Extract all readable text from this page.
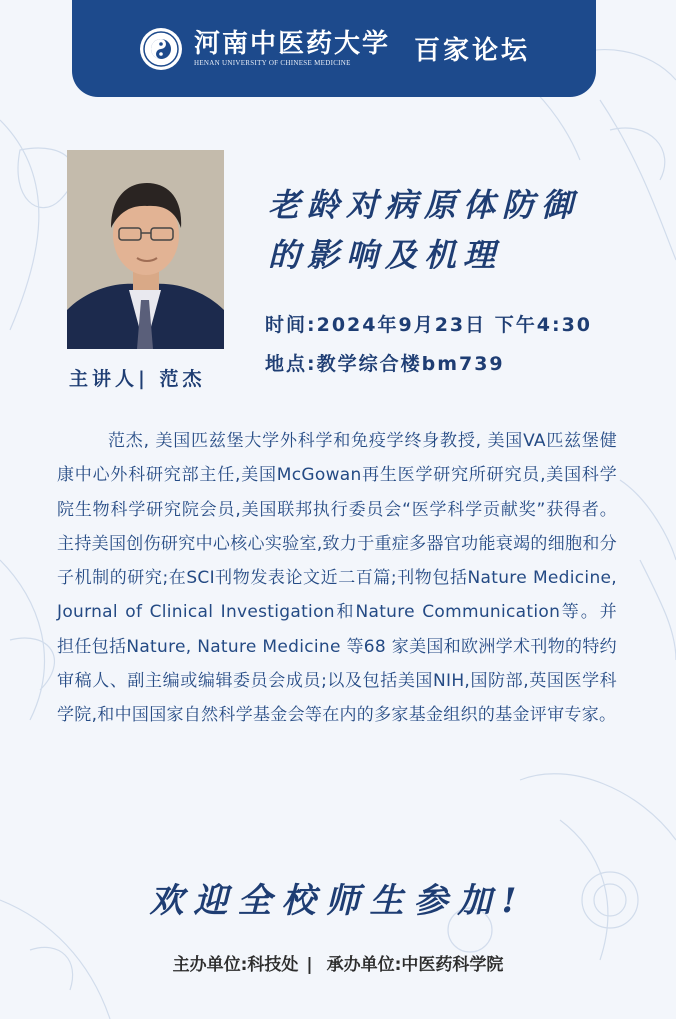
河南中医药大学
HENAN UNIVERSITY OF CHINESE MEDICINE 百家论坛
主讲人| 范杰
老龄对病原体防御
的影响及机理
时间:2024年9月23日 下午4:30
地点:教学综合楼bm739
范杰, 美国匹兹堡大学外科学和免疫学终身教授, 美国VA匹兹堡健康中心外科研究部主任,美国McGowan再生医学研究所研究员,美国科学院生物科学研究院会员,美国联邦执行委员会“医学科学贡献奖”获得者。主持美国创伤研究中心核心实验室,致力于重症多器官功能衰竭的细胞和分子机制的研究;在SCI刊物发表论文近二百篇;刊物包括Nature Medicine, Journal of Clinical Investigation和Nature Communication等。并担任包括Nature, Nature Medicine 等68 家美国和欧洲学术刊物的特约审稿人、副主编或编辑委员会成员;以及包括美国NIH,国防部,英国医学科学院,和中国国家自然科学基金会等在内的多家基金组织的基金评审专家。
欢迎全校师生参加!
主办单位:科技处 | 承办单位:中医药科学院
